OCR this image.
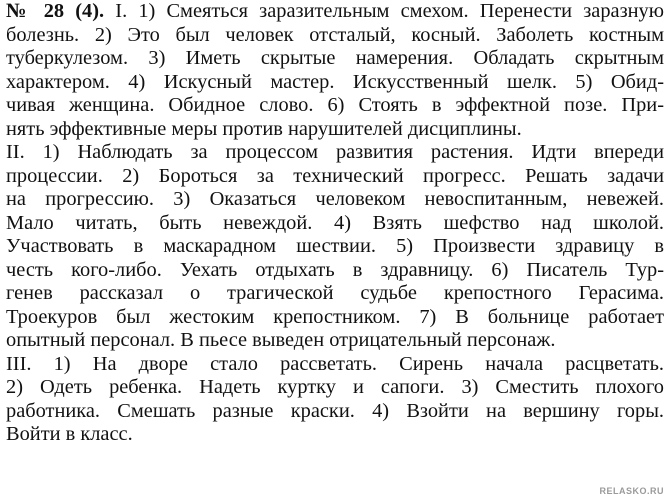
№ 28 (4). I. 1) Смеяться заразительным смехом. Перенести заразную
болезнь. 2) Это был человек отсталый, косный. Заболеть костным
туберкулезом. 3) Иметь скрытые намерения. Обладать скрытным
характером. 4) Искусный мастер. Искусственный шелк. 5) Обид-
чивая женщина. Обидное слово. 6) Стоять в эффектной позе. При-
нять эффективные меры против нарушителей дисциплины.
II. 1) Наблюдать за процессом развития растения. Идти впереди
процессии. 2) Бороться за технический прогресс. Решать задачи
на прогрессию. 3) Оказаться человеком невоспитанным, невежей.
Мало читать, быть невеждой. 4) Взять шефство над школой.
Участвовать в маскарадном шествии. 5) Произвести здравицу в
честь кого-либо. Уехать отдыхать в здравницу. 6) Писатель Тур-
генев рассказал о трагической судьбе крепостного Герасима.
Троекуров был жестоким крепостником. 7) В больнице работает
опытный персонал. В пьесе выведен отрицательный персонаж.
III. 1) На дворе стало рассветать. Сирень начала расцветать.
2) Одеть ребенка. Надеть куртку и сапоги. 3) Сместить плохого
работника. Смешать разные краски. 4) Взойти на вершину горы.
Войти в класс.
RELASKO.RU
